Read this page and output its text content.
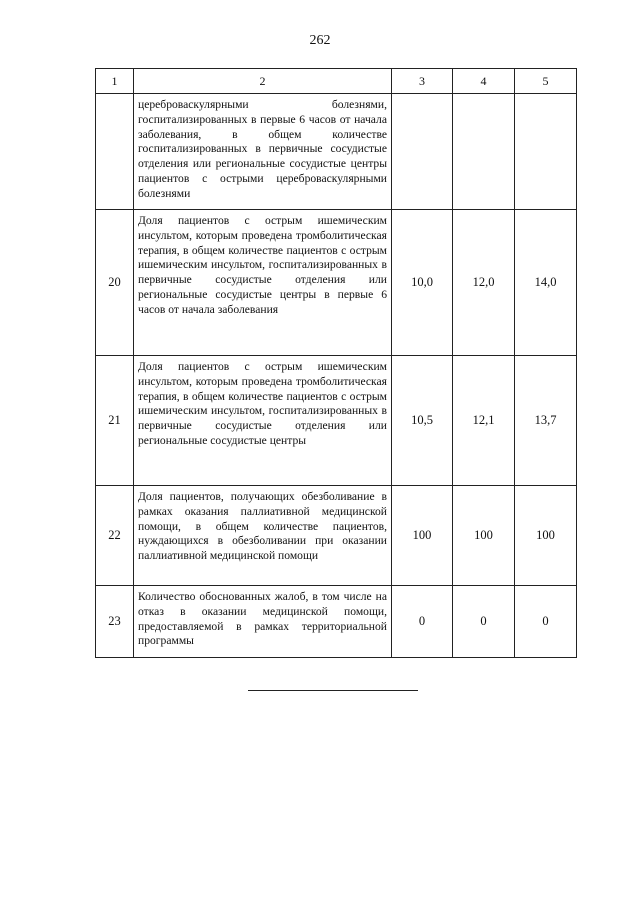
262
1	2	3	4	5
	цереброваскулярными болезнями, госпитализированных в первые 6 часов от начала заболевания, в общем количестве госпитализированных в первичные сосудистые отделения или региональные сосудистые центры пациентов с острыми цереброваскулярными болезнями			
20	Доля пациентов с острым ишемическим инсультом, которым проведена тромболитическая терапия, в общем количестве пациентов с острым ишемическим инсультом, госпитализированных в первичные сосудистые отделения или региональные сосудистые центры в первые 6 часов от начала заболевания	10,0	12,0	14,0
21	Доля пациентов с острым ишемическим инсультом, которым проведена тромболитическая терапия, в общем количестве пациентов с острым ишемическим инсультом, госпитализированных в первичные сосудистые отделения или региональные сосудистые центры	10,5	12,1	13,7
22	Доля пациентов, получающих обезболивание в рамках оказания паллиативной медицинской помощи, в общем количестве пациентов, нуждающихся в обезболивании при оказании паллиативной медицинской помощи	100	100	100
23	Количество обоснованных жалоб, в том числе на отказ в оказании медицинской помощи, предоставляемой в рамках территориальной программы	0	0	0
